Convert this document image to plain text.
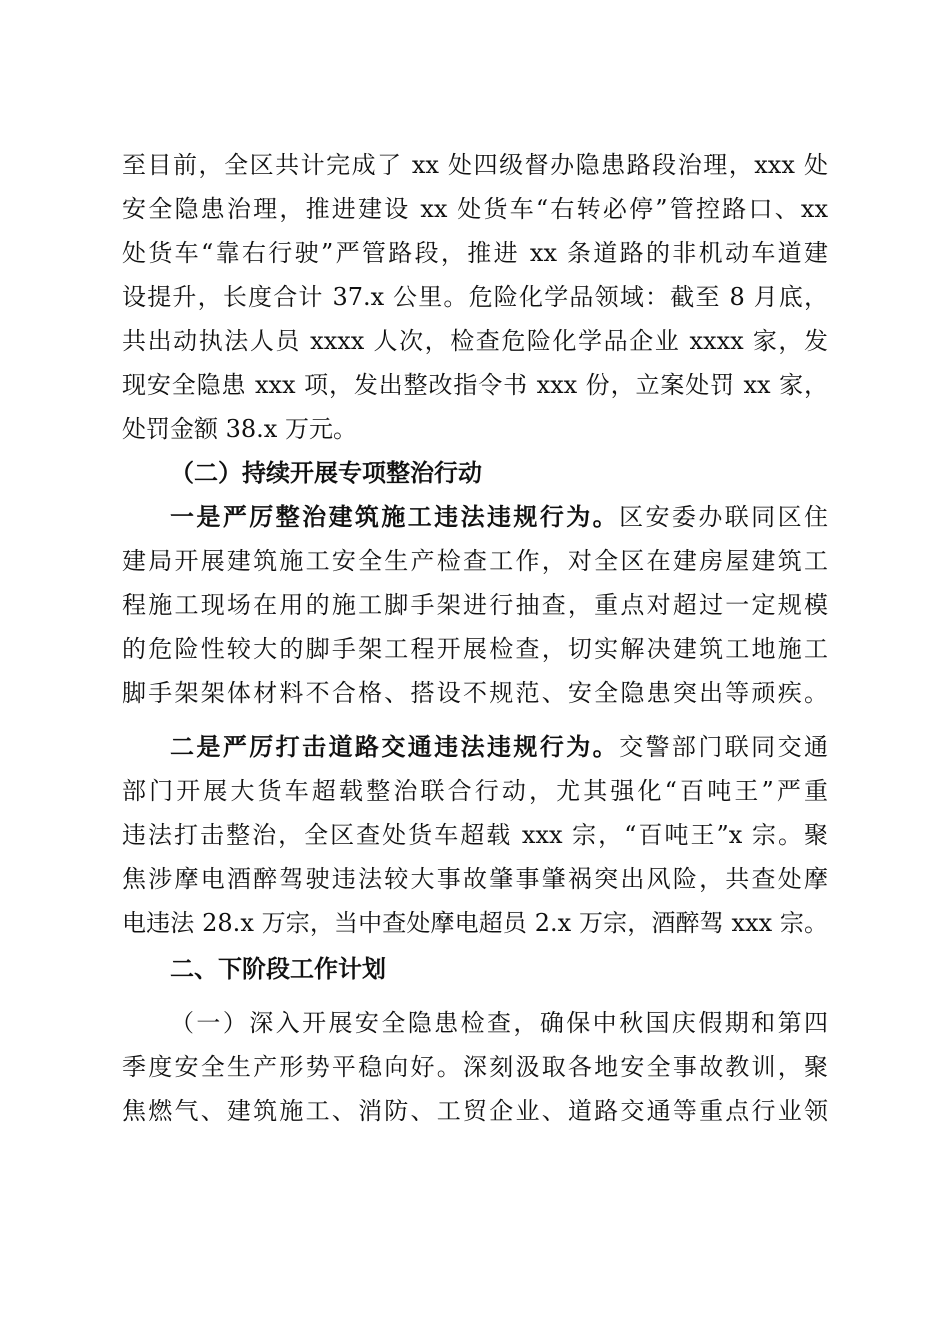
至目前，全区共计完成了 xx 处四级督办隐患路段治理，xxx 处
安全隐患治理，推进建设 xx 处货车“右转必停”管控路口、xx
处货车“靠右行驶”严管路段，推进 xx 条道路的非机动车道建
设提升，长度合计 37.x 公里。危险化学品领域：截至 8 月底，
共出动执法人员 xxxx 人次，检查危险化学品企业 xxxx 家，发
现安全隐患 xxx 项，发出整改指令书 xxx 份，立案处罚 xx 家，
处罚金额 38.x 万元。
（二）持续开展专项整治行动
一是严厉整治建筑施工违法违规行为。区安委办联同区住
建局开展建筑施工安全生产检查工作，对全区在建房屋建筑工
程施工现场在用的施工脚手架进行抽查，重点对超过一定规模
的危险性较大的脚手架工程开展检查，切实解决建筑工地施工
脚手架架体材料不合格、搭设不规范、安全隐患突出等顽疾。
二是严厉打击道路交通违法违规行为。交警部门联同交通
部门开展大货车超载整治联合行动，尤其强化“百吨王”严重
违法打击整治，全区查处货车超载 xxx 宗，“百吨王”x 宗。聚
焦涉摩电酒醉驾驶违法较大事故肇事肇祸突出风险，共查处摩
电违法 28.x 万宗，当中查处摩电超员 2.x 万宗，酒醉驾 xxx 宗。
二、下阶段工作计划
（一）深入开展安全隐患检查，确保中秋国庆假期和第四
季度安全生产形势平稳向好。深刻汲取各地安全事故教训，聚
焦燃气、建筑施工、消防、工贸企业、道路交通等重点行业领
